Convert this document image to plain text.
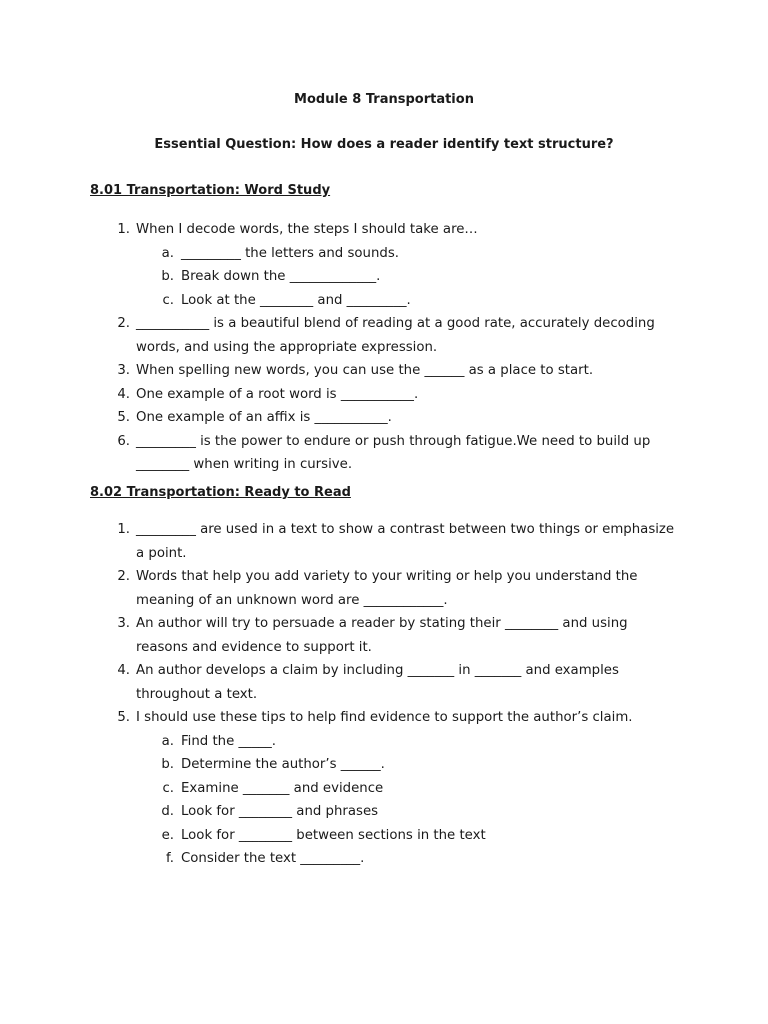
Module 8 Transportation
Essential Question: How does a reader identify text structure?
8.01 Transportation: Word Study
1. When I decode words, the steps I should take are…
a. _________ the letters and sounds.
b. Break down the _____________.
c. Look at the ________ and _________.
2. ___________ is a beautiful blend of reading at a good rate, accurately decoding words, and using the appropriate expression.
3. When spelling new words, you can use the ______ as a place to start.
4. One example of a root word is ___________.
5. One example of an affix is ___________.
6. _________ is the power to endure or push through fatigue.We need to build up ________ when writing in cursive.
8.02 Transportation: Ready to Read
1. _________ are used in a text to show a contrast between two things or emphasize a point.
2. Words that help you add variety to your writing or help you understand the meaning of an unknown word are ____________.
3. An author will try to persuade a reader by stating their ________ and using reasons and evidence to support it.
4. An author develops a claim by including _______ in _______ and examples throughout a text.
5. I should use these tips to help find evidence to support the author’s claim.
a. Find the _____.
b. Determine the author’s ______.
c. Examine _______ and evidence
d. Look for ________ and phrases
e. Look for ________ between sections in the text
f. Consider the text _________.
